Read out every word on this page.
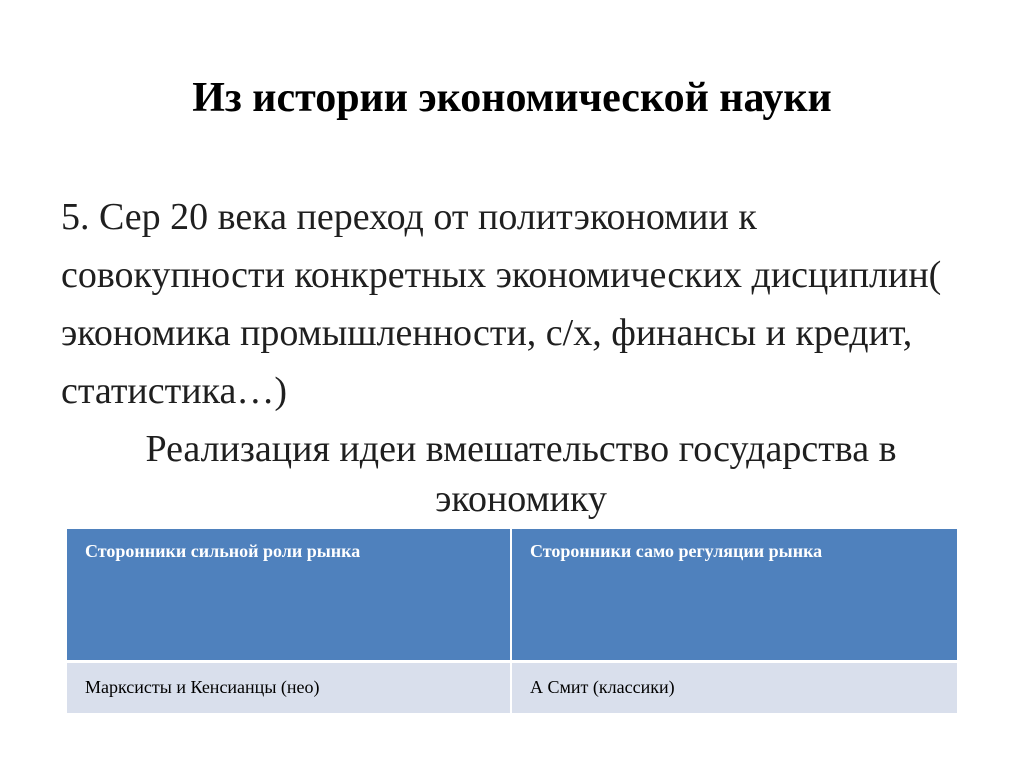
Из истории экономической науки

5. Сер 20 века переход от политэкономии к совокупности конкретных экономических дисциплин( экономика промышленности, с/х, финансы и кредит, статистика…)

Реализация идеи вмешательство государства в экономику

Сторонники сильной роли рынка	Сторонники само регуляции рынка
Марксисты и Кенсианцы (нео)	А Смит (классики)
